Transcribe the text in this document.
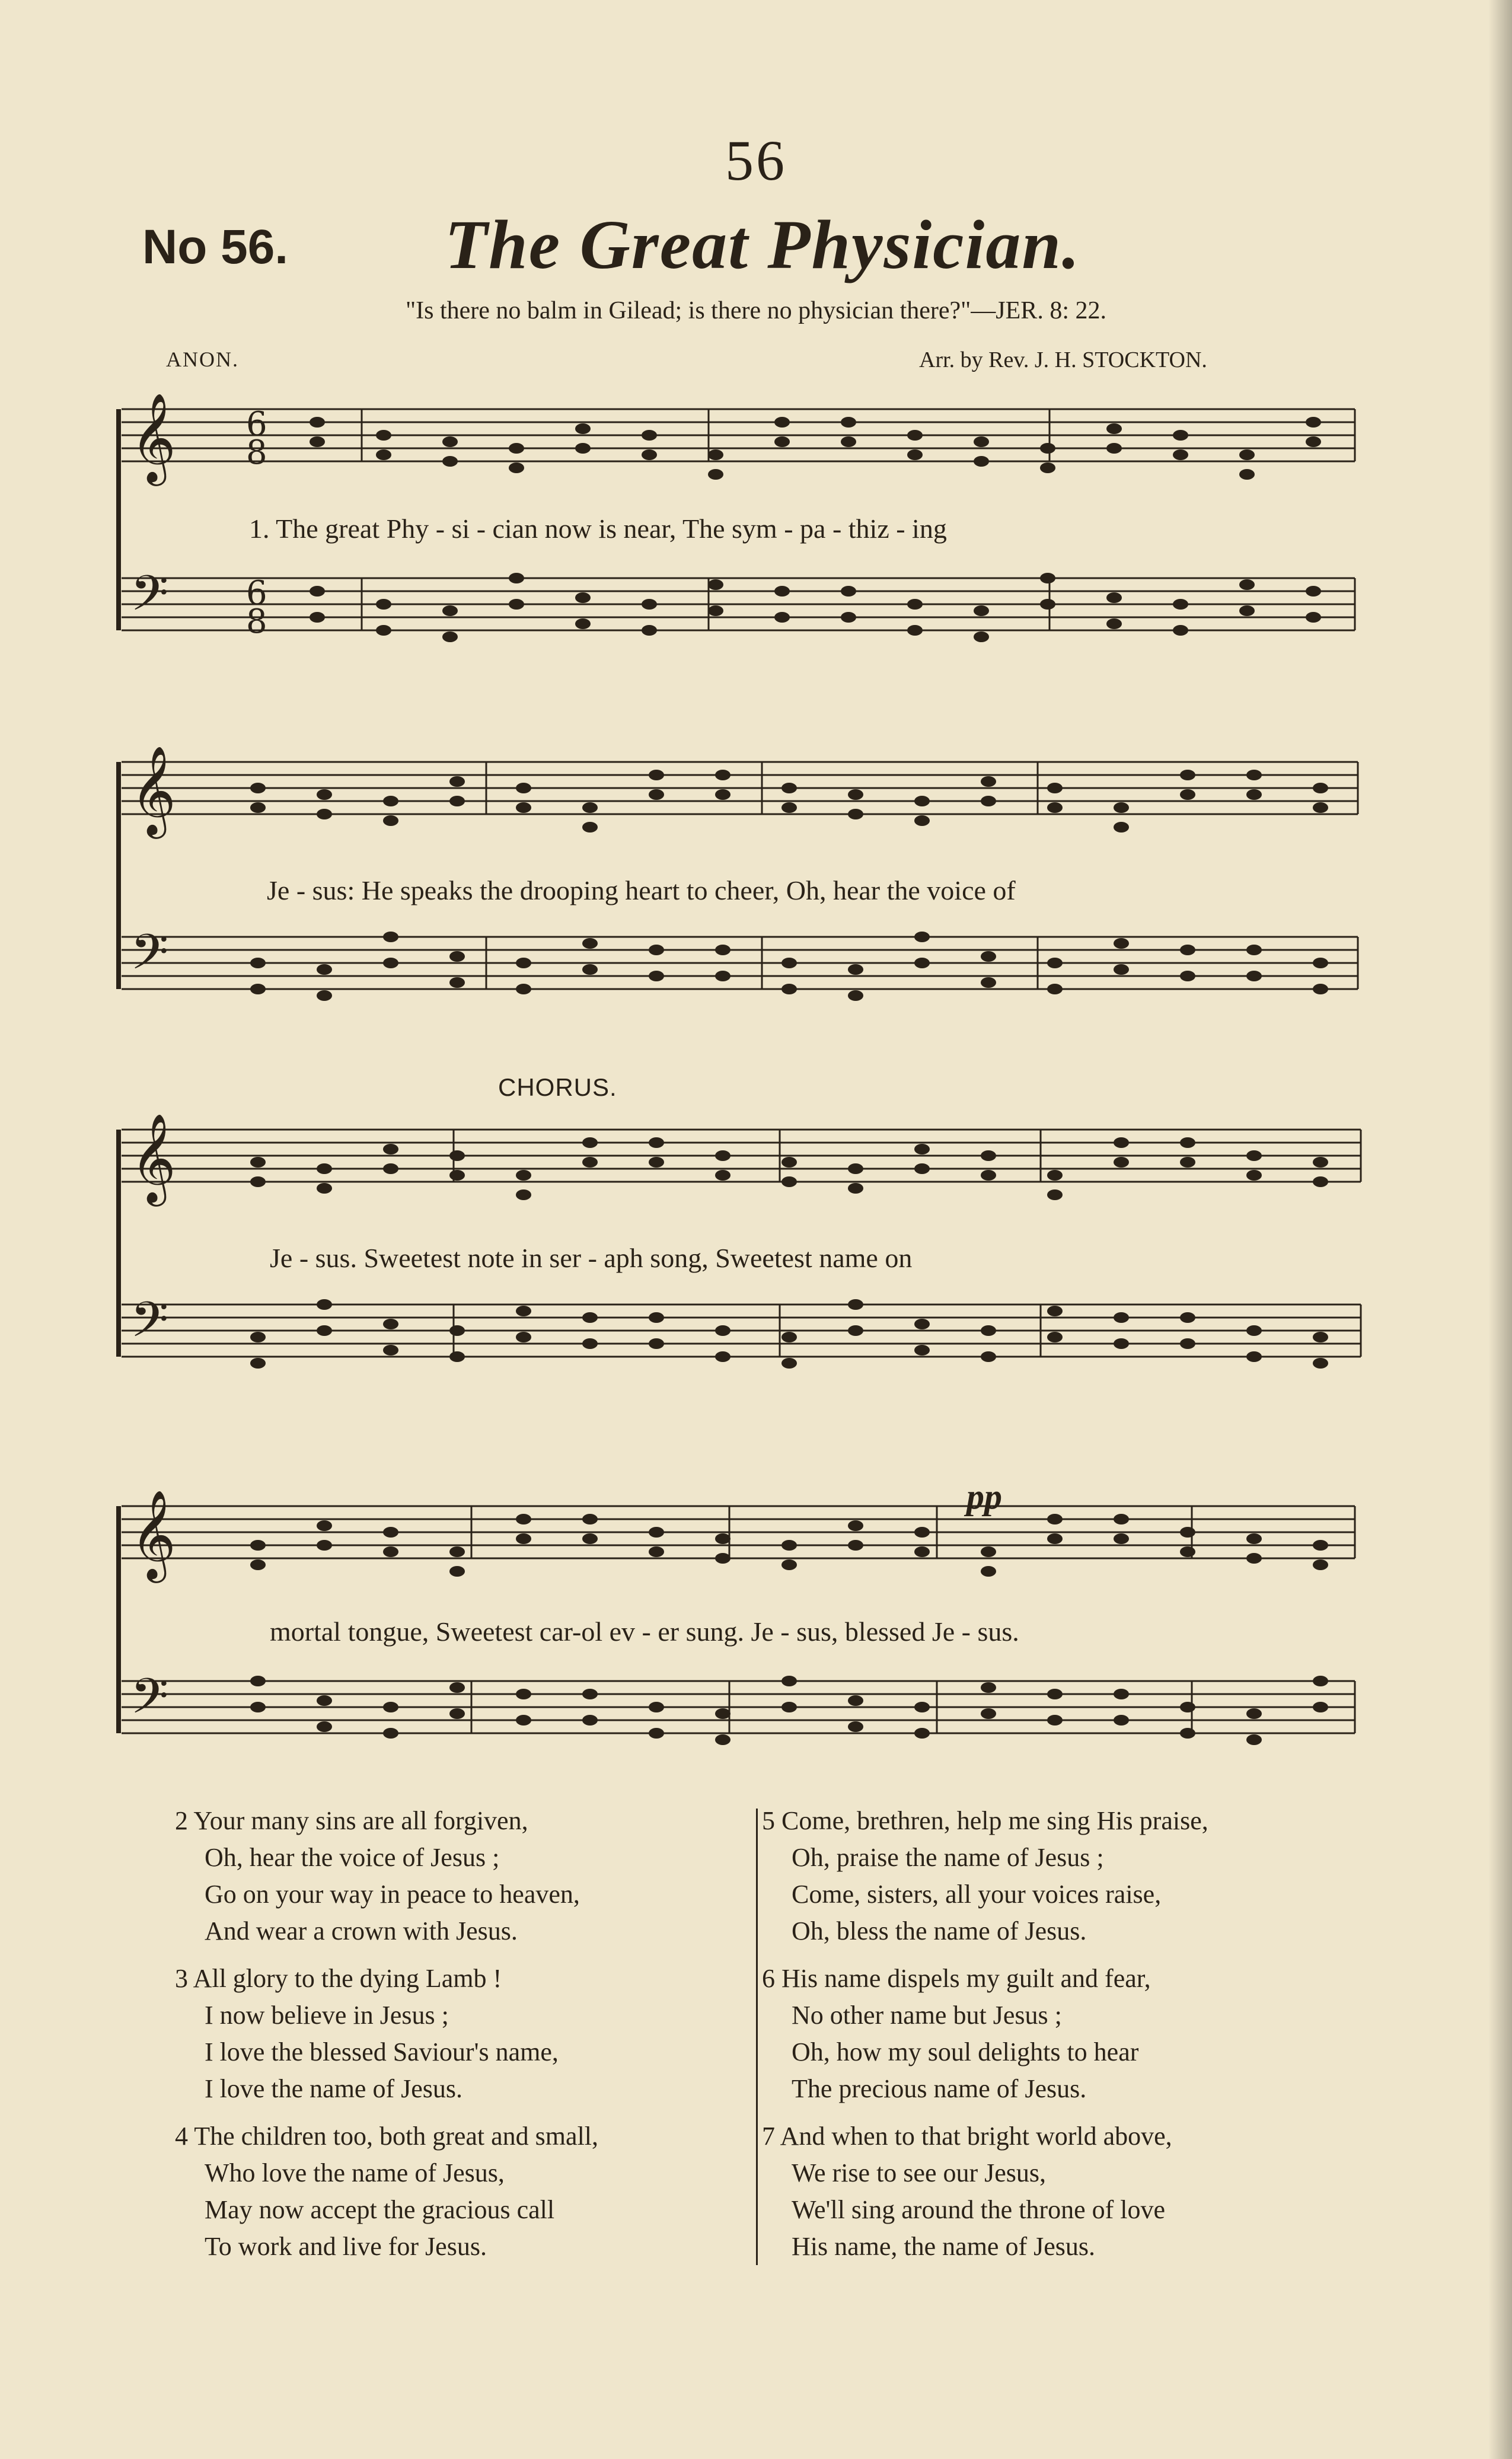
56
No 56. The Great Physician.
"Is there no balm in Gilead; is there no physician there?"—JER. 8: 22.
ANON.	Arr. by Rev. J. H. STOCKTON.
𝄞
𝄢
𝄞
𝄢
𝄞
𝄢
𝄞
𝄢
6
8
6
8
1. The great Phy - si - cian now is near, The sym - pa - thiz - ing
Je - sus: He speaks the drooping heart to cheer, Oh, hear the voice of
Je - sus. Sweetest note in ser - aph song, Sweetest name on
mortal tongue, Sweetest car-ol ev - er sung. Je - sus, blessed Je - sus.
CHORUS.
pp
2 Your many sins are all forgiven,
Oh, hear the voice of Jesus ;
Go on your way in peace to heaven,
And wear a crown with Jesus.
3 All glory to the dying Lamb !
I now believe in Jesus ;
I love the blessed Saviour's name,
I love the name of Jesus.
4 The children too, both great and small,
Who love the name of Jesus,
May now accept the gracious call
To work and live for Jesus.
5 Come, brethren, help me sing His praise,
Oh, praise the name of Jesus ;
Come, sisters, all your voices raise,
Oh, bless the name of Jesus.
6 His name dispels my guilt and fear,
No other name but Jesus ;
Oh, how my soul delights to hear
The precious name of Jesus.
7 And when to that bright world above,
We rise to see our Jesus,
We'll sing around the throne of love
His name, the name of Jesus.
